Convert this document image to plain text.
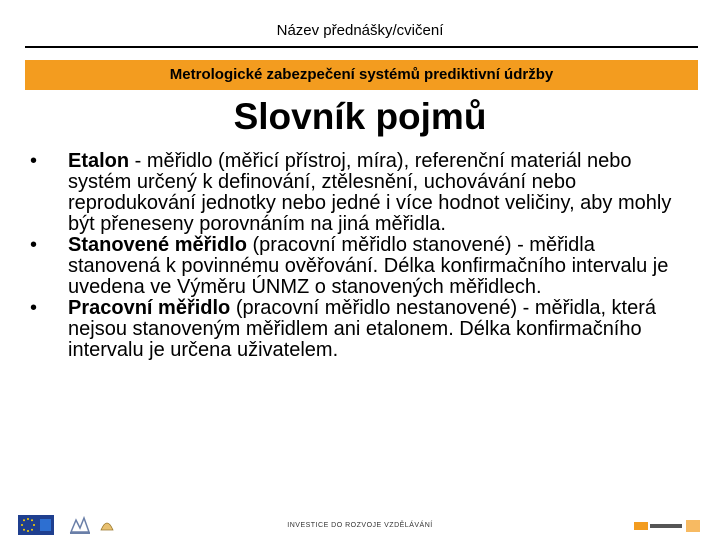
Název přednášky/cvičení
Metrologické zabezpečení systémů prediktivní údržby
Slovník pojmů
• Etalon - měřidlo (měřicí přístroj, míra), referenční materiál nebo systém určený k definování, ztělesnění, uchovávání nebo reprodukování jednotky nebo jedné i více hodnot veličiny, aby mohly být přeneseny porovnáním na jiná měřidla.
• Stanovené měřidlo (pracovní měřidlo stanovené) - měřidla stanovená k povinnému ověřování. Délka konfirmačního intervalu je uvedena ve Výměru ÚNMZ o stanovených měřidlech.
• Pracovní měřidlo (pracovní měřidlo nestanovené) - měřidla, která nejsou stanoveným měřidlem ani etalonem. Délka konfirmačního intervalu je určena uživatelem.
INVESTICE DO ROZVOJE VZDĚLÁVÁNÍ
